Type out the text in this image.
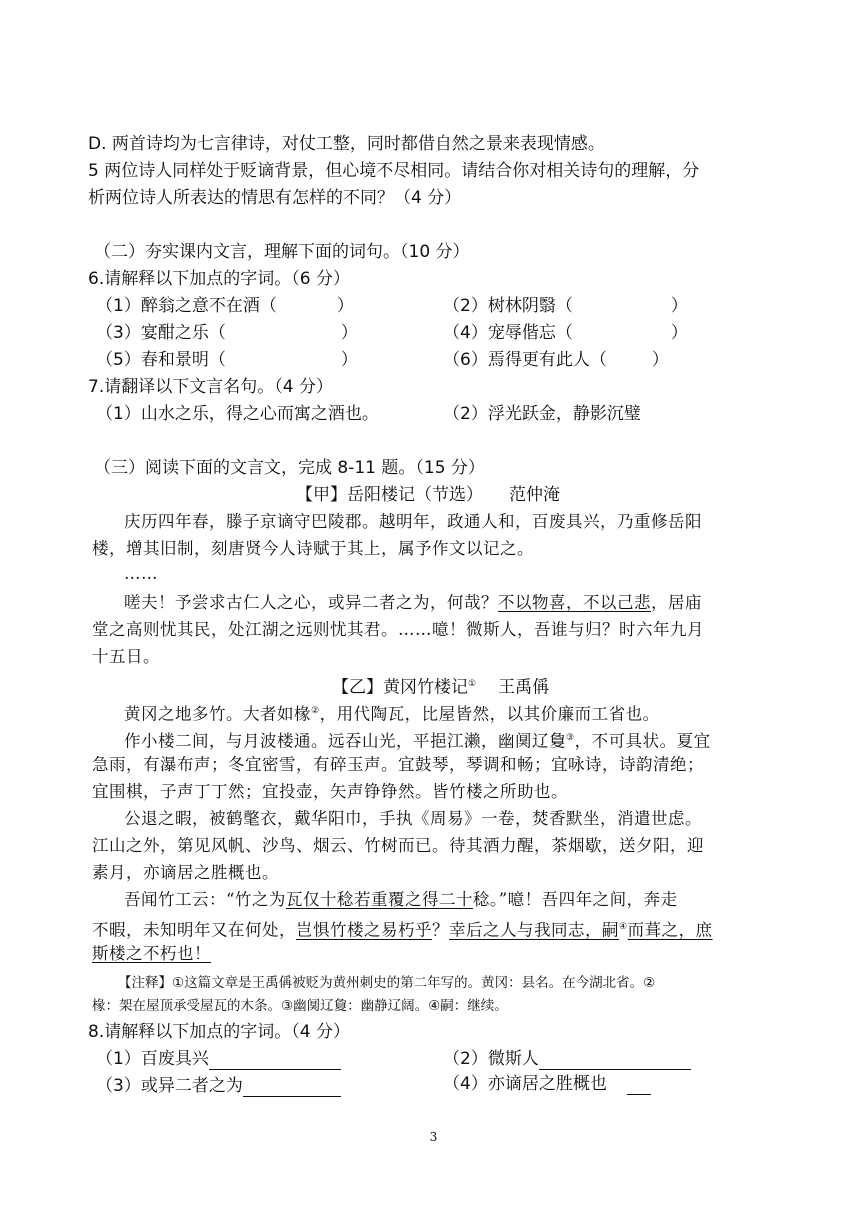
D. 两首诗均为七言律诗，对仗工整，同时都借自然之景来表现情感。
5 两位诗人同样处于贬谪背景，但心境不尽相同。请结合你对相关诗句的理解，分
析两位诗人所表达的情思有怎样的不同？（4 分）
（二）夯实课内文言，理解下面的词句。（10 分）
6.请解释以下加点的字词。（6 分）
（1）醉翁之意不在酒（	）	（2）树林阴翳（	）
（3）宴酣之乐（	）	（4）宠辱偕忘（	）
（5）春和景明（	）	（6）焉得更有此人（	）
7.请翻译以下文言名句。（4 分）
（1）山水之乐，得之心而寓之酒也。	（2）浮光跃金，静影沉璧
（三）阅读下面的文言文，完成 8-11 题。（15 分）
【甲】岳阳楼记（节选） 范仲淹
庆历四年春，滕子京谪守巴陵郡。越明年，政通人和，百废具兴，乃重修岳阳
楼，增其旧制，刻唐贤今人诗赋于其上，属予作文以记之。
……
嗟夫！予尝求古仁人之心，或异二者之为，何哉？不以物喜，不以己悲，居庙
堂之高则忧其民，处江湖之远则忧其君。……噫！微斯人，吾谁与归？时六年九月
十五日。
【乙】黄冈竹楼记① 王禹偁
黄冈之地多竹。大者如椽②，用代陶瓦，比屋皆然，以其价廉而工省也。
作小楼二间，与月波楼通。远吞山光，平挹江濑，幽阒辽敻③，不可具状。夏宜
急雨，有瀑布声；冬宜密雪，有碎玉声。宜鼓琴，琴调和畅；宜咏诗，诗韵清绝；
宜围棋，子声丁丁然；宜投壶，矢声铮铮然。皆竹楼之所助也。
公退之暇，被鹤氅衣，戴华阳巾，手执《周易》一卷，焚香默坐，消遣世虑。
江山之外，第见风帆、沙鸟、烟云、竹树而已。待其酒力醒，茶烟歇，送夕阳，迎
素月，亦谪居之胜概也。
吾闻竹工云：“竹之为瓦仅十稔若重覆之得二十稔。”噫！吾四年之间，奔走
不暇，未知明年又在何处，岂惧竹楼之易朽乎？幸后之人与我同志，嗣④而葺之，庶
斯楼之不朽也！
【注释】①这篇文章是王禹偁被贬为黄州刺史的第二年写的。黄冈：县名。在今湖北省。②
椽：架在屋顶承受屋瓦的木条。③幽阒辽敻：幽静辽阔。④嗣：继续。
8.请解释以下加点的字词。（4 分）
（1）百废具兴	（2）微斯人
（3）或异二者之为	（4）亦谪居之胜概也
3
